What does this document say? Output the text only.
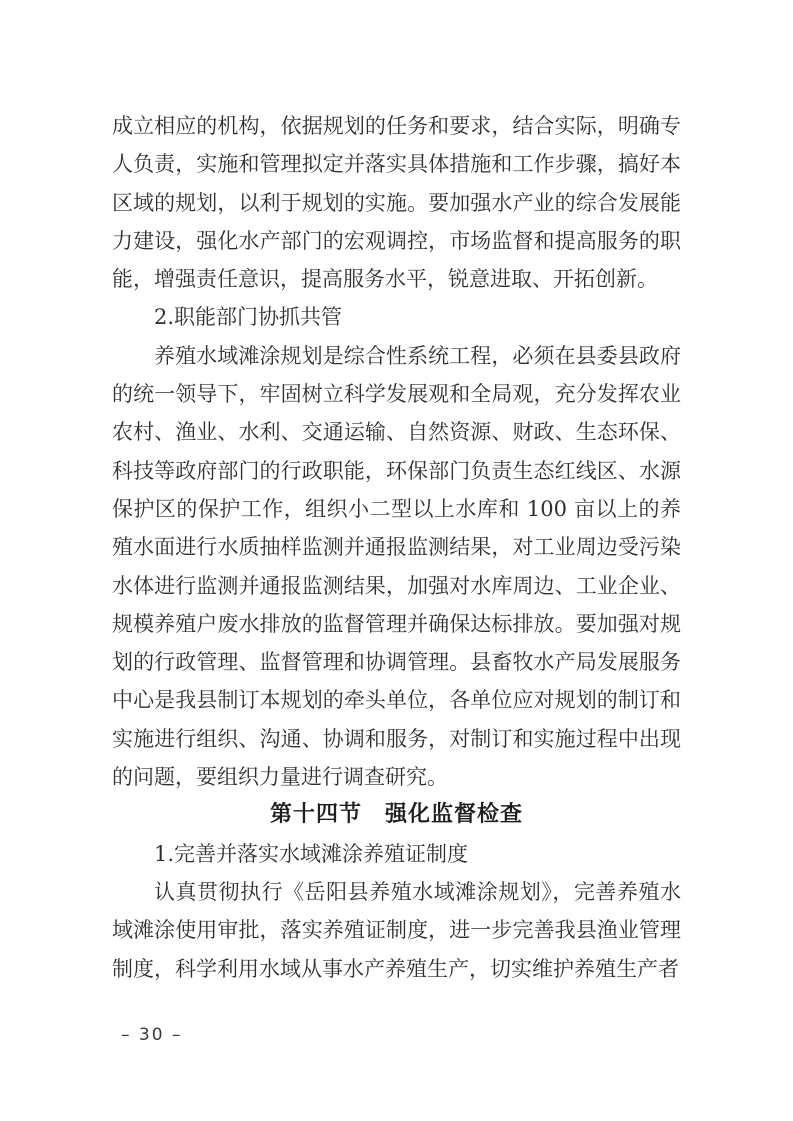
成立相应的机构，依据规划的任务和要求，结合实际，明确专人负责，实施和管理拟定并落实具体措施和工作步骤，搞好本区域的规划，以利于规划的实施。要加强水产业的综合发展能力建设，强化水产部门的宏观调控，市场监督和提高服务的职能，增强责任意识，提高服务水平，锐意进取、开拓创新。

2.职能部门协抓共管

养殖水域滩涂规划是综合性系统工程，必须在县委县政府的统一领导下，牢固树立科学发展观和全局观，充分发挥农业农村、渔业、水利、交通运输、自然资源、财政、生态环保、科技等政府部门的行政职能，环保部门负责生态红线区、水源保护区的保护工作，组织小二型以上水库和 100 亩以上的养殖水面进行水质抽样监测并通报监测结果，对工业周边受污染水体进行监测并通报监测结果，加强对水库周边、工业企业、规模养殖户废水排放的监督管理并确保达标排放。要加强对规划的行政管理、监督管理和协调管理。县畜牧水产局发展服务中心是我县制订本规划的牵头单位，各单位应对规划的制订和实施进行组织、沟通、协调和服务，对制订和实施过程中出现的问题，要组织力量进行调查研究。

第十四节　强化监督检查

1.完善并落实水域滩涂养殖证制度

认真贯彻执行《岳阳县养殖水域滩涂规划》，完善养殖水域滩涂使用审批，落实养殖证制度，进一步完善我县渔业管理制度，科学利用水域从事水产养殖生产，切实维护养殖生产者

– 30 –
